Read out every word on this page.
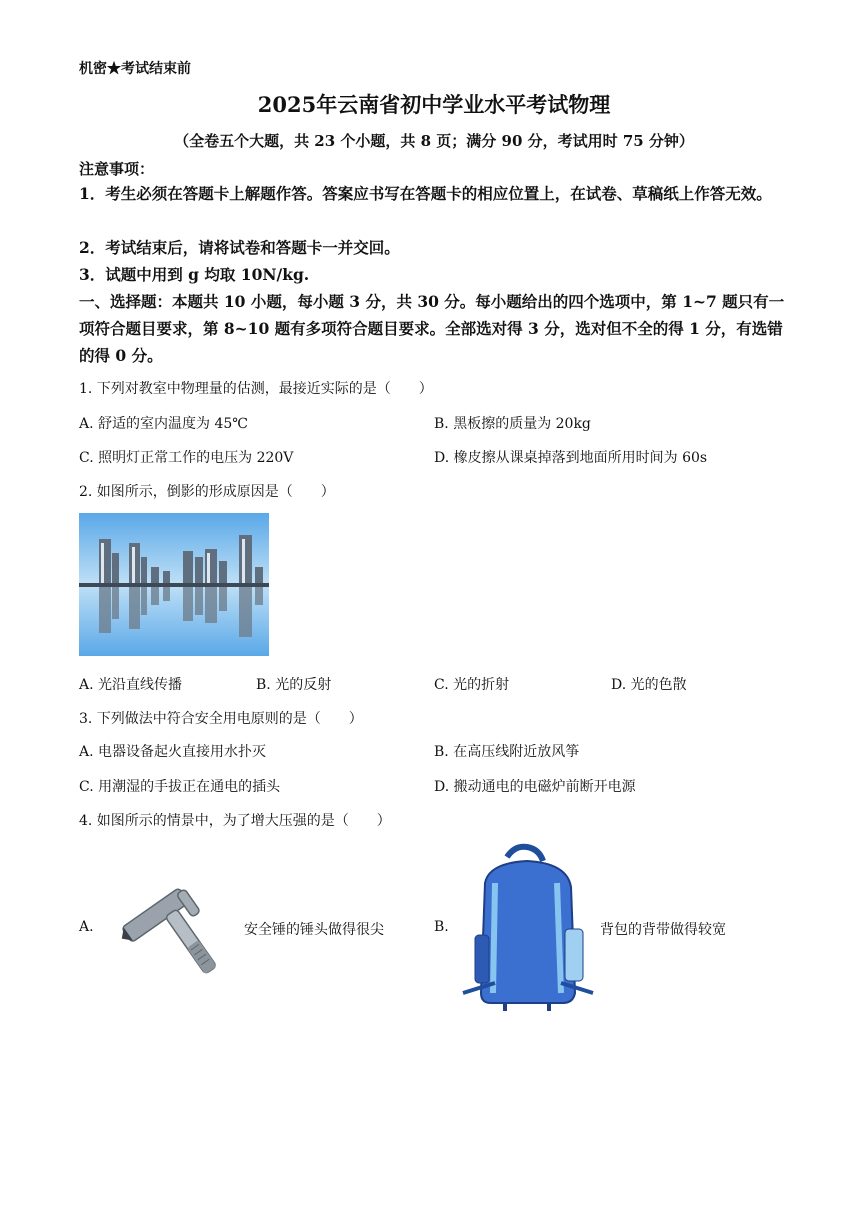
机密★考试结束前
2025年云南省初中学业水平考试物理
（全卷五个大题，共 23 个小题，共 8 页；满分 90 分，考试用时 75 分钟）
注意事项：
1．考生必须在答题卡上解题作答。答案应书写在答题卡的相应位置上，在试卷、草稿纸上作答无效。
2．考试结束后，请将试卷和答题卡一并交回。
3．试题中用到 g 均取 10N/kg.
一、选择题：本题共 10 小题，每小题 3 分，共 30 分。每小题给出的四个选项中，第 1~7 题只有一项符合题目要求，第 8~10 题有多项符合题目要求。全部选对得 3 分，选对但不全的得 1 分，有选错的得 0 分。
1. 下列对教室中物理量的估测，最接近实际的是（　　）
A. 舒适的室内温度为 45℃	B. 黑板擦的质量为 20kg
C. 照明灯正常工作的电压为 220V	D. 橡皮擦从课桌掉落到地面所用时间为 60s
2. 如图所示，倒影的形成原因是（　　）
A. 光沿直线传播	B. 光的反射	C. 光的折射	D. 光的色散
3. 下列做法中符合安全用电原则的是（　　）
A. 电器设备起火直接用水扑灭	B. 在高压线附近放风筝
C. 用潮湿的手拔正在通电的插头	D. 搬动通电的电磁炉前断开电源
4. 如图所示的情景中，为了增大压强的是（　　）
A.	安全锤的锤头做得很尖	B.	背包的背带做得较宽
